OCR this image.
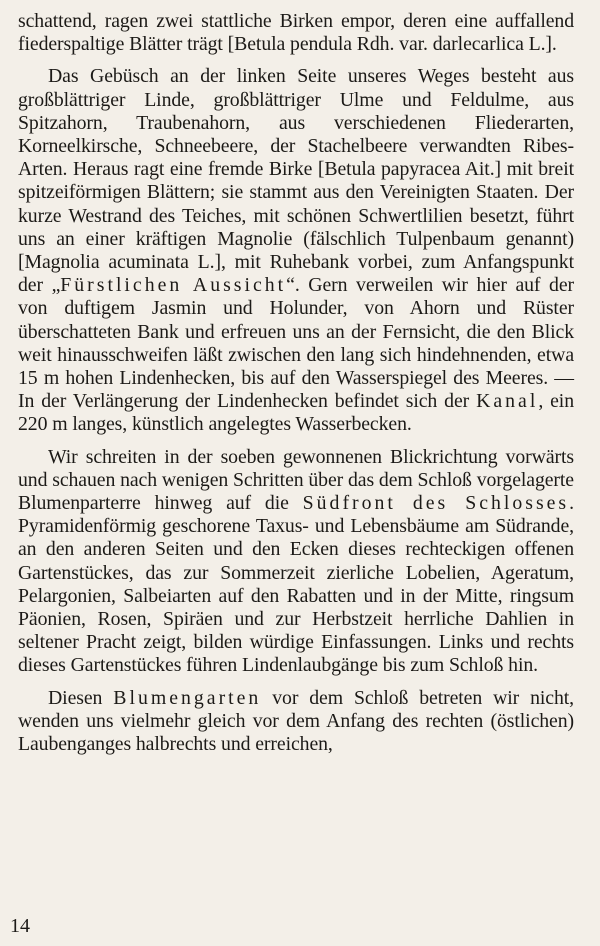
schattend, ragen zwei stattliche Birken empor, deren eine auffallend fiederspaltige Blätter trägt [Betula pendula Rdh. var. darlecarlica L.].

Das Gebüsch an der linken Seite unseres Weges besteht aus großblättriger Linde, großblättriger Ulme und Feldulme, aus Spitzahorn, Traubenahorn, aus verschiedenen Fliederarten, Korneelkirsche, Schneebeere, der Stachelbeere verwandten Ribes-Arten. Heraus ragt eine fremde Birke [Betula papyracea Ait.] mit breit spitzeiförmigen Blättern; sie stammt aus den Vereinigten Staaten. Der kurze Westrand des Teiches, mit schönen Schwertlilien besetzt, führt uns an einer kräftigen Magnolie (fälschlich Tulpenbaum genannt) [Magnolia acuminata L.], mit Ruhebank vorbei, zum Anfangspunkt der „Fürstlichen Aussicht“. Gern verweilen wir hier auf der von duftigem Jasmin und Holunder, von Ahorn und Rüster überschatteten Bank und erfreuen uns an der Fernsicht, die den Blick weit hinausschweifen läßt zwischen den lang sich hindehnenden, etwa 15 m hohen Lindenhecken, bis auf den Wasserspiegel des Meeres. — In der Verlängerung der Lindenhecken befindet sich der Kanal, ein 220 m langes, künstlich angelegtes Wasserbecken.

Wir schreiten in der soeben gewonnenen Blickrichtung vorwärts und schauen nach wenigen Schritten über das dem Schloß vorgelagerte Blumenparterre hinweg auf die Südfront des Schlosses. Pyramidenförmig geschorene Taxus- und Lebensbäume am Südrande, an den anderen Seiten und den Ecken dieses rechteckigen offenen Gartenstückes, das zur Sommerzeit zierliche Lobelien, Ageratum, Pelargonien, Salbeiarten auf den Rabatten und in der Mitte, ringsum Päonien, Rosen, Spiräen und zur Herbstzeit herrliche Dahlien in seltener Pracht zeigt, bilden würdige Einfassungen. Links und rechts dieses Gartenstückes führen Lindenlaubgänge bis zum Schloß hin.

Diesen Blumengarten vor dem Schloß betreten wir nicht, wenden uns vielmehr gleich vor dem Anfang des rechten (östlichen) Laubenganges halbrechts und erreichen,

14
